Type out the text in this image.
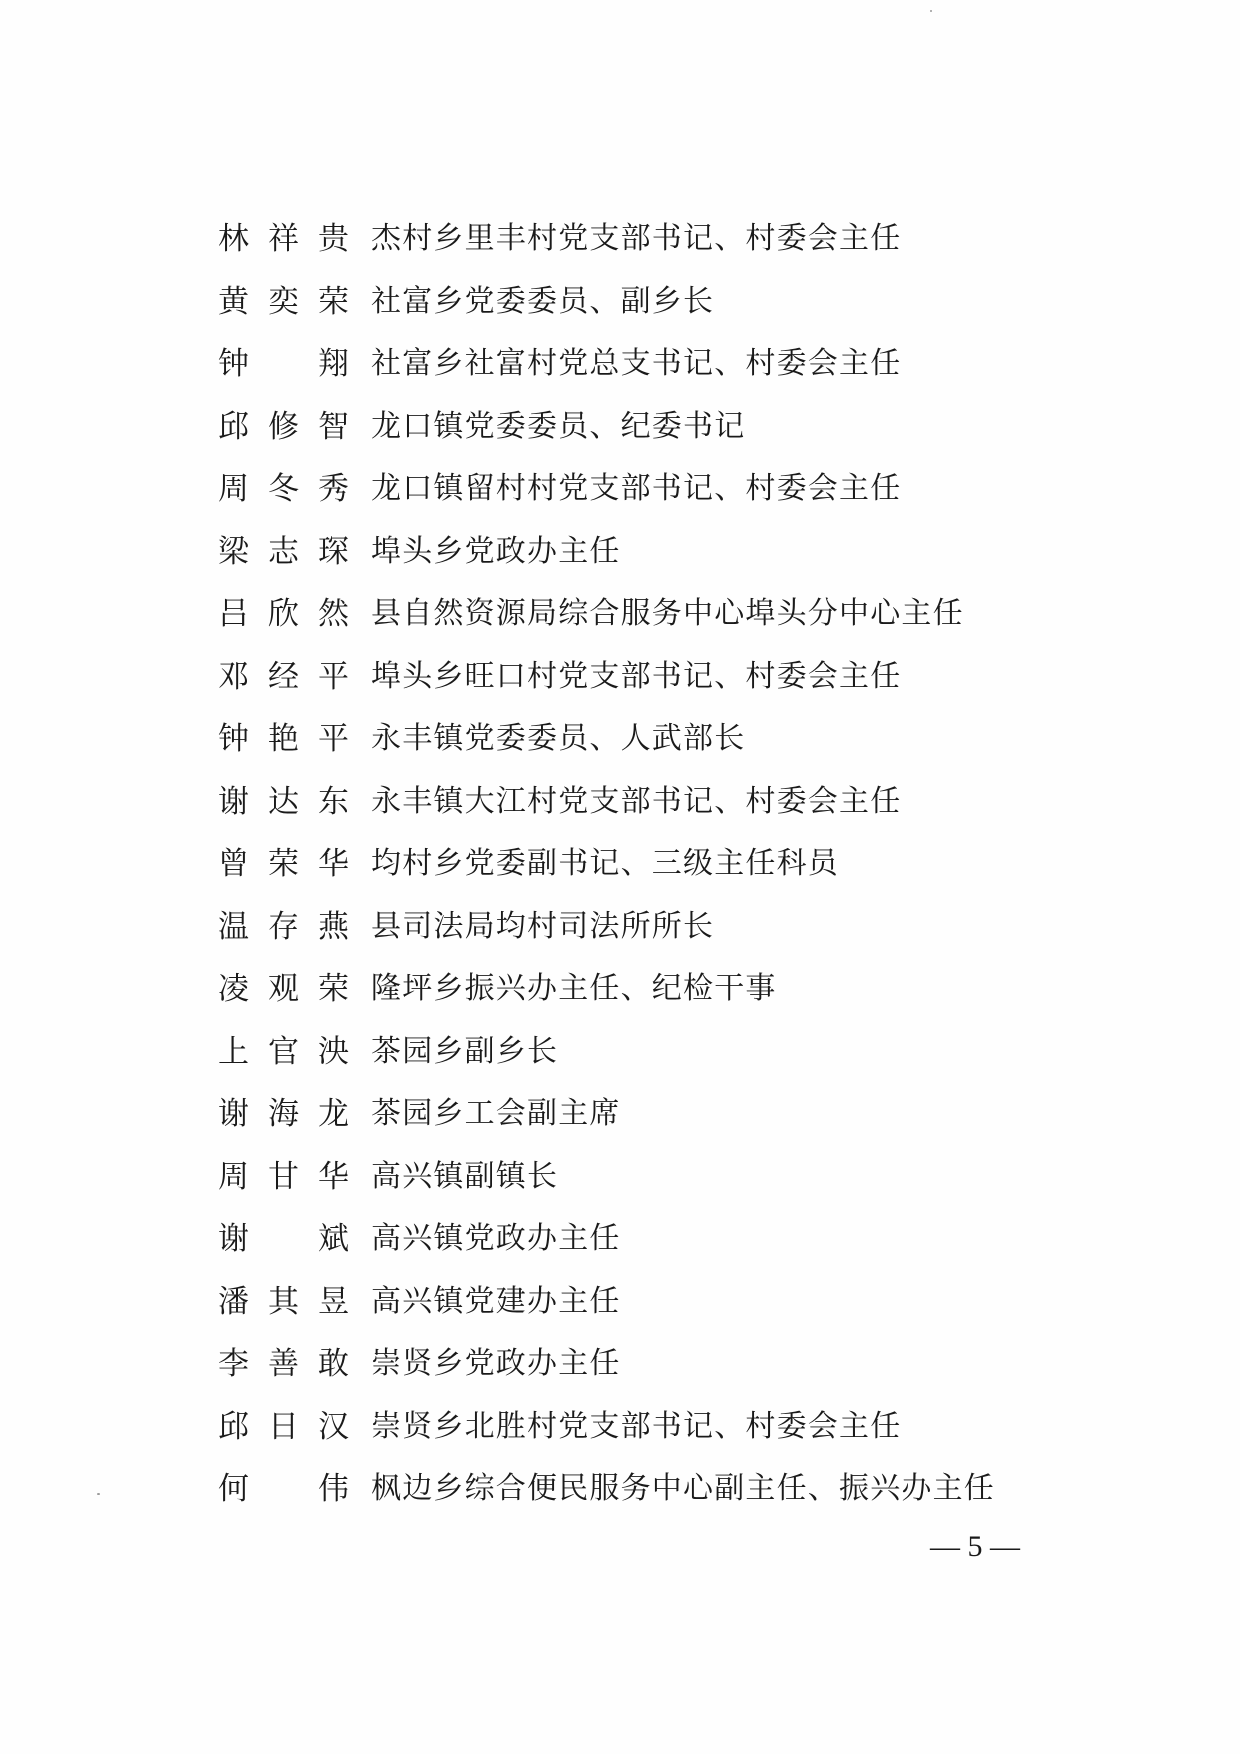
林祥贵 杰村乡里丰村党支部书记、村委会主任
黄奕荣 社富乡党委委员、副乡长
钟翔 社富乡社富村党总支书记、村委会主任
邱修智 龙口镇党委委员、纪委书记
周冬秀 龙口镇留村村党支部书记、村委会主任
梁志琛 埠头乡党政办主任
吕欣然 县自然资源局综合服务中心埠头分中心主任
邓经平 埠头乡旺口村党支部书记、村委会主任
钟艳平 永丰镇党委委员、人武部长
谢达东 永丰镇大江村党支部书记、村委会主任
曾荣华 均村乡党委副书记、三级主任科员
温存燕 县司法局均村司法所所长
凌观荣 隆坪乡振兴办主任、纪检干事
上官泱 茶园乡副乡长
谢海龙 茶园乡工会副主席
周甘华 高兴镇副镇长
谢斌 高兴镇党政办主任
潘其昱 高兴镇党建办主任
李善敢 崇贤乡党政办主任
邱日汉 崇贤乡北胜村党支部书记、村委会主任
何伟 枫边乡综合便民服务中心副主任、振兴办主任
— 5 —
